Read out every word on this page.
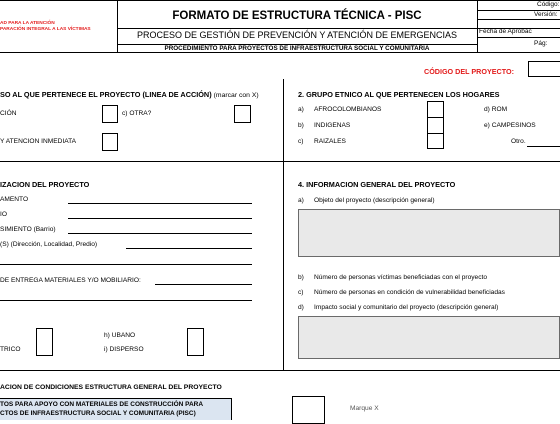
AD PARA LA ATENCIÓN
PARACIÓN INTEGRAL A LAS VÍCTIMAS
FORMATO DE ESTRUCTURA TÉCNICA - PISC
PROCESO DE GESTIÓN DE PREVENCIÓN Y ATENCIÓN DE EMERGENCIAS
PROCEDIMIENTO PARA PROYECTOS DE INFRAESTRUCTURA SOCIAL Y COMUNITARIA
Código:
Versión:
Fecha de Aprobac
Pág:
CÓDIGO DEL PROYECTO:
SO AL QUE PERTENECE EL PROYECTO (LINEA DE ACCIÓN) (marcar con X)
CIÓN	c) OTRA?
Y ATENCION INMEDIATA
2. GRUPO ETNICO AL QUE PERTENECEN LOS HOGARES
a)
b)
c)
AFROCOLOMBIANOS
INDIGENAS
RAIZALES
d) ROM
e) CAMPESINOS
Otro.
IZACION DEL PROYECTO
AMENTO
IO
SIMIENTO (Barrio)
(S) (Dirección, Localidad, Predio)
DE ENTREGA MATERIALES Y/O MOBILIARIO:
TRICO
h) UBANO
i) DISPERSO
4. INFORMACION GENERAL DEL PROYECTO
a) Objeto del proyecto (descripción general)
b) Número de personas víctimas beneficiadas con el proyecto
c) Número de personas en condición de vulnerabilidad beneficiadas
d) Impacto social y comunitario del proyecto (descripción general)
ACION DE CONDICIONES ESTRUCTURA GENERAL DEL PROYECTO
TOS PARA APOYO CON MATERIALES DE CONSTRUCCIÓN PARA
CTOS DE INFRAESTRUCTURA SOCIAL Y COMUNITARIA (PISC)
Marque X
